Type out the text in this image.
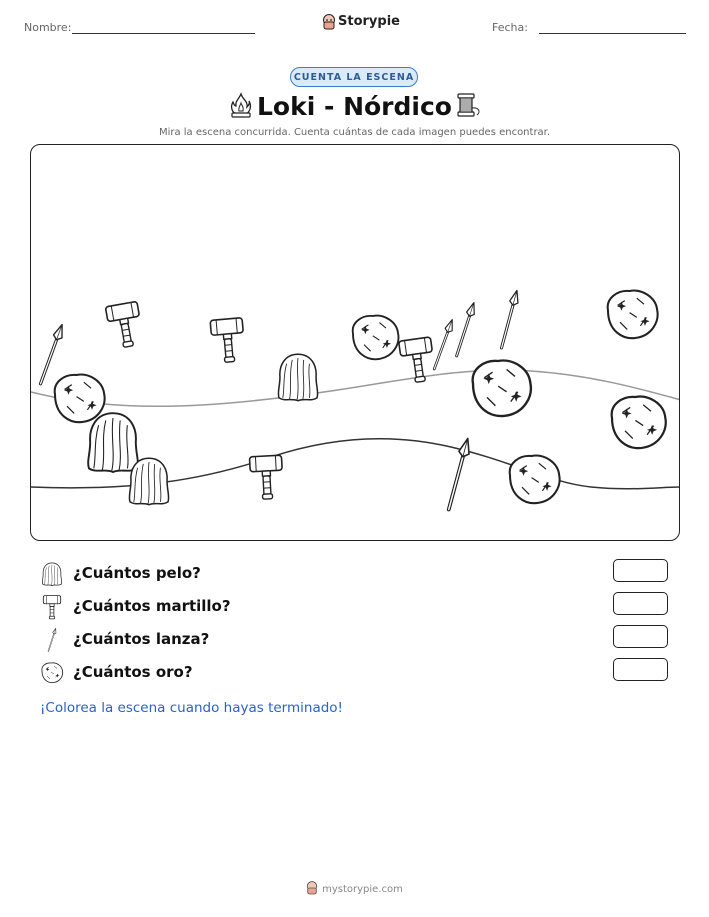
Nombre:	Storypie	Fecha:
CUENTA LA ESCENA
Loki - Nórdico
Mira la escena concurrida. Cuenta cuántas de cada imagen puedes encontrar.
¿Cuántos pelo?
¿Cuántos martillo?
¿Cuántos lanza?
¿Cuántos oro?
¡Colorea la escena cuando hayas terminado!
mystorypie.com
